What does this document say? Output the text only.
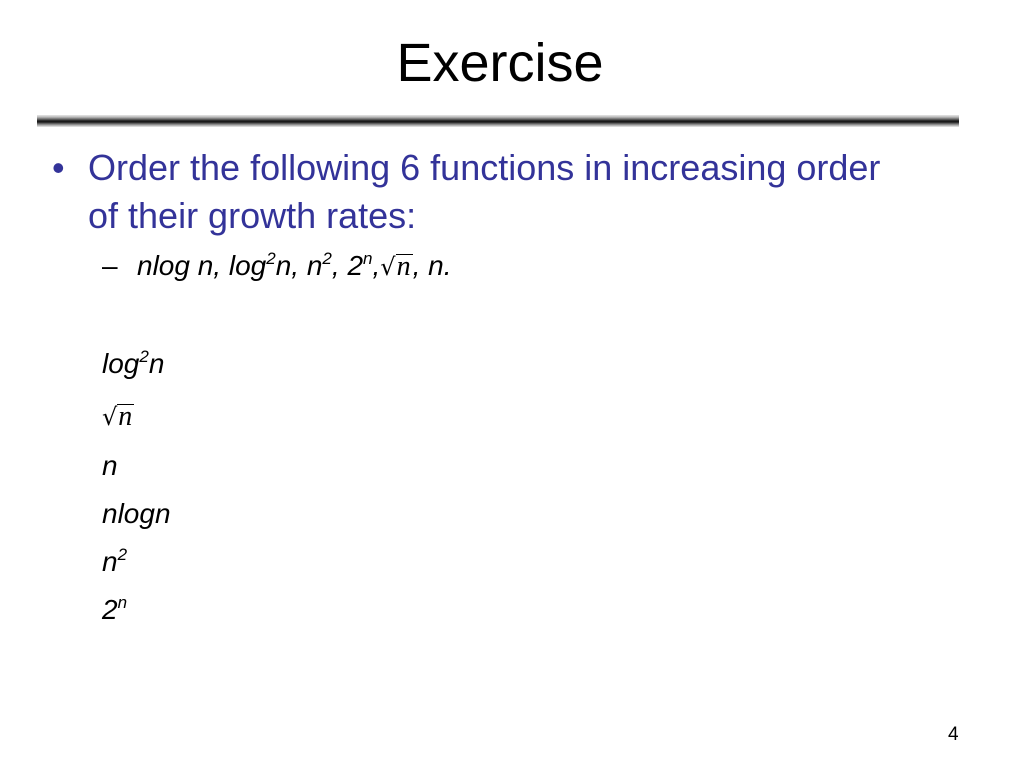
Exercise
• Order the following 6 functions in increasing order of their growth rates:
– nlog n, $\log^2n$, $n^2$, 2$^n$,√n, n.
$\log^2n$
√n
n
nlogn
$n^2$
2$^n$
4
